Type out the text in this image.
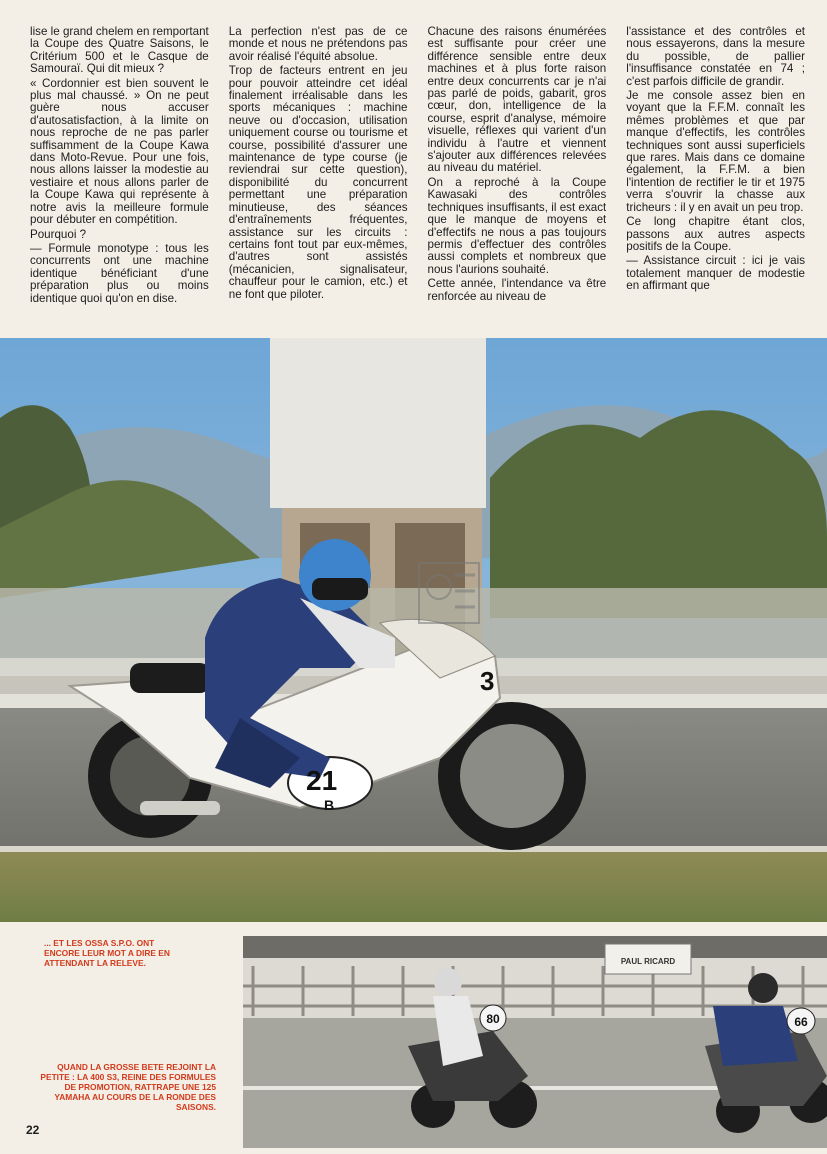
lise le grand chelem en remportant la Coupe des Quatre Saisons, le Critérium 500 et le Casque de Samouraï. Qui dit mieux ?

« Cordonnier est bien souvent le plus mal chaussé. » On ne peut guère nous accuser d'autosatisfaction, à la limite on nous reproche de ne pas parler suffisamment de la Coupe Kawa dans Moto-Revue. Pour une fois, nous allons laisser la modestie au vestiaire et nous allons parler de la Coupe Kawa qui représente à notre avis la meilleure formule pour débuter en compétition.

Pourquoi ?

— Formule monotype : tous les concurrents ont une machine identique bénéficiant d'une préparation plus ou moins identique quoi qu'on en dise.

La perfection n'est pas de ce monde et nous ne prétendons pas avoir réalisé l'équité absolue.

Trop de facteurs entrent en jeu pour pouvoir atteindre cet idéal finalement irréalisable dans les sports mécaniques : machine neuve ou d'occasion, utilisation uniquement course ou tourisme et course, possibilité d'assurer une maintenance de type course (je reviendrai sur cette question), disponibilité du concurrent permettant une préparation minutieuse, des séances d'entraînements fréquentes, assistance sur les circuits : certains font tout par eux-mêmes, d'autres sont assistés (mécanicien, signalisateur, chauffeur pour le camion, etc.) et ne font que piloter.

Chacune des raisons énumérées est suffisante pour créer une différence sensible entre deux machines et à plus forte raison entre deux concurrents car je n'ai pas parlé de poids, gabarit, gros cœur, don, intelligence de la course, esprit d'analyse, mémoire visuelle, réflexes qui varient d'un individu à l'autre et viennent s'ajouter aux différences relevées au niveau du matériel.

On a reproché à la Coupe Kawasaki des contrôles techniques insuffisants, il est exact que le manque de moyens et d'effectifs ne nous a pas toujours permis d'effectuer des contrôles aussi complets et nombreux que nous l'aurions souhaité.

Cette année, l'intendance va être renforcée au niveau de

l'assistance et des contrôles et nous essayerons, dans la mesure du possible, de pallier l'insuffisance constatée en 74 ; c'est parfois difficile de grandir.

Je me console assez bien en voyant que la F.F.M. connaît les mêmes problèmes et que par manque d'effectifs, les contrôles techniques sont aussi superficiels que rares. Mais dans ce domaine également, la F.F.M. a bien l'intention de rectifier le tir et 1975 verra s'ouvrir la chasse aux tricheurs : il y en avait un peu trop.

Ce long chapitre étant clos, passons aux autres aspects positifs de la Coupe.

— Assistance circuit : ici je vais totalement manquer de modestie en affirmant que

21
B
3
... ET LES OSSA S.P.O. ONT ENCORE LEUR MOT A DIRE EN ATTENDANT LA RELEVE.
QUAND LA GROSSE BETE REJOINT LA PETITE : LA 400 S3, REINE DES FORMULES DE PROMOTION, RATTRAPE UNE 125 YAMAHA AU COURS DE LA RONDE DES SAISONS.
22
PAUL RICARD
80	66
